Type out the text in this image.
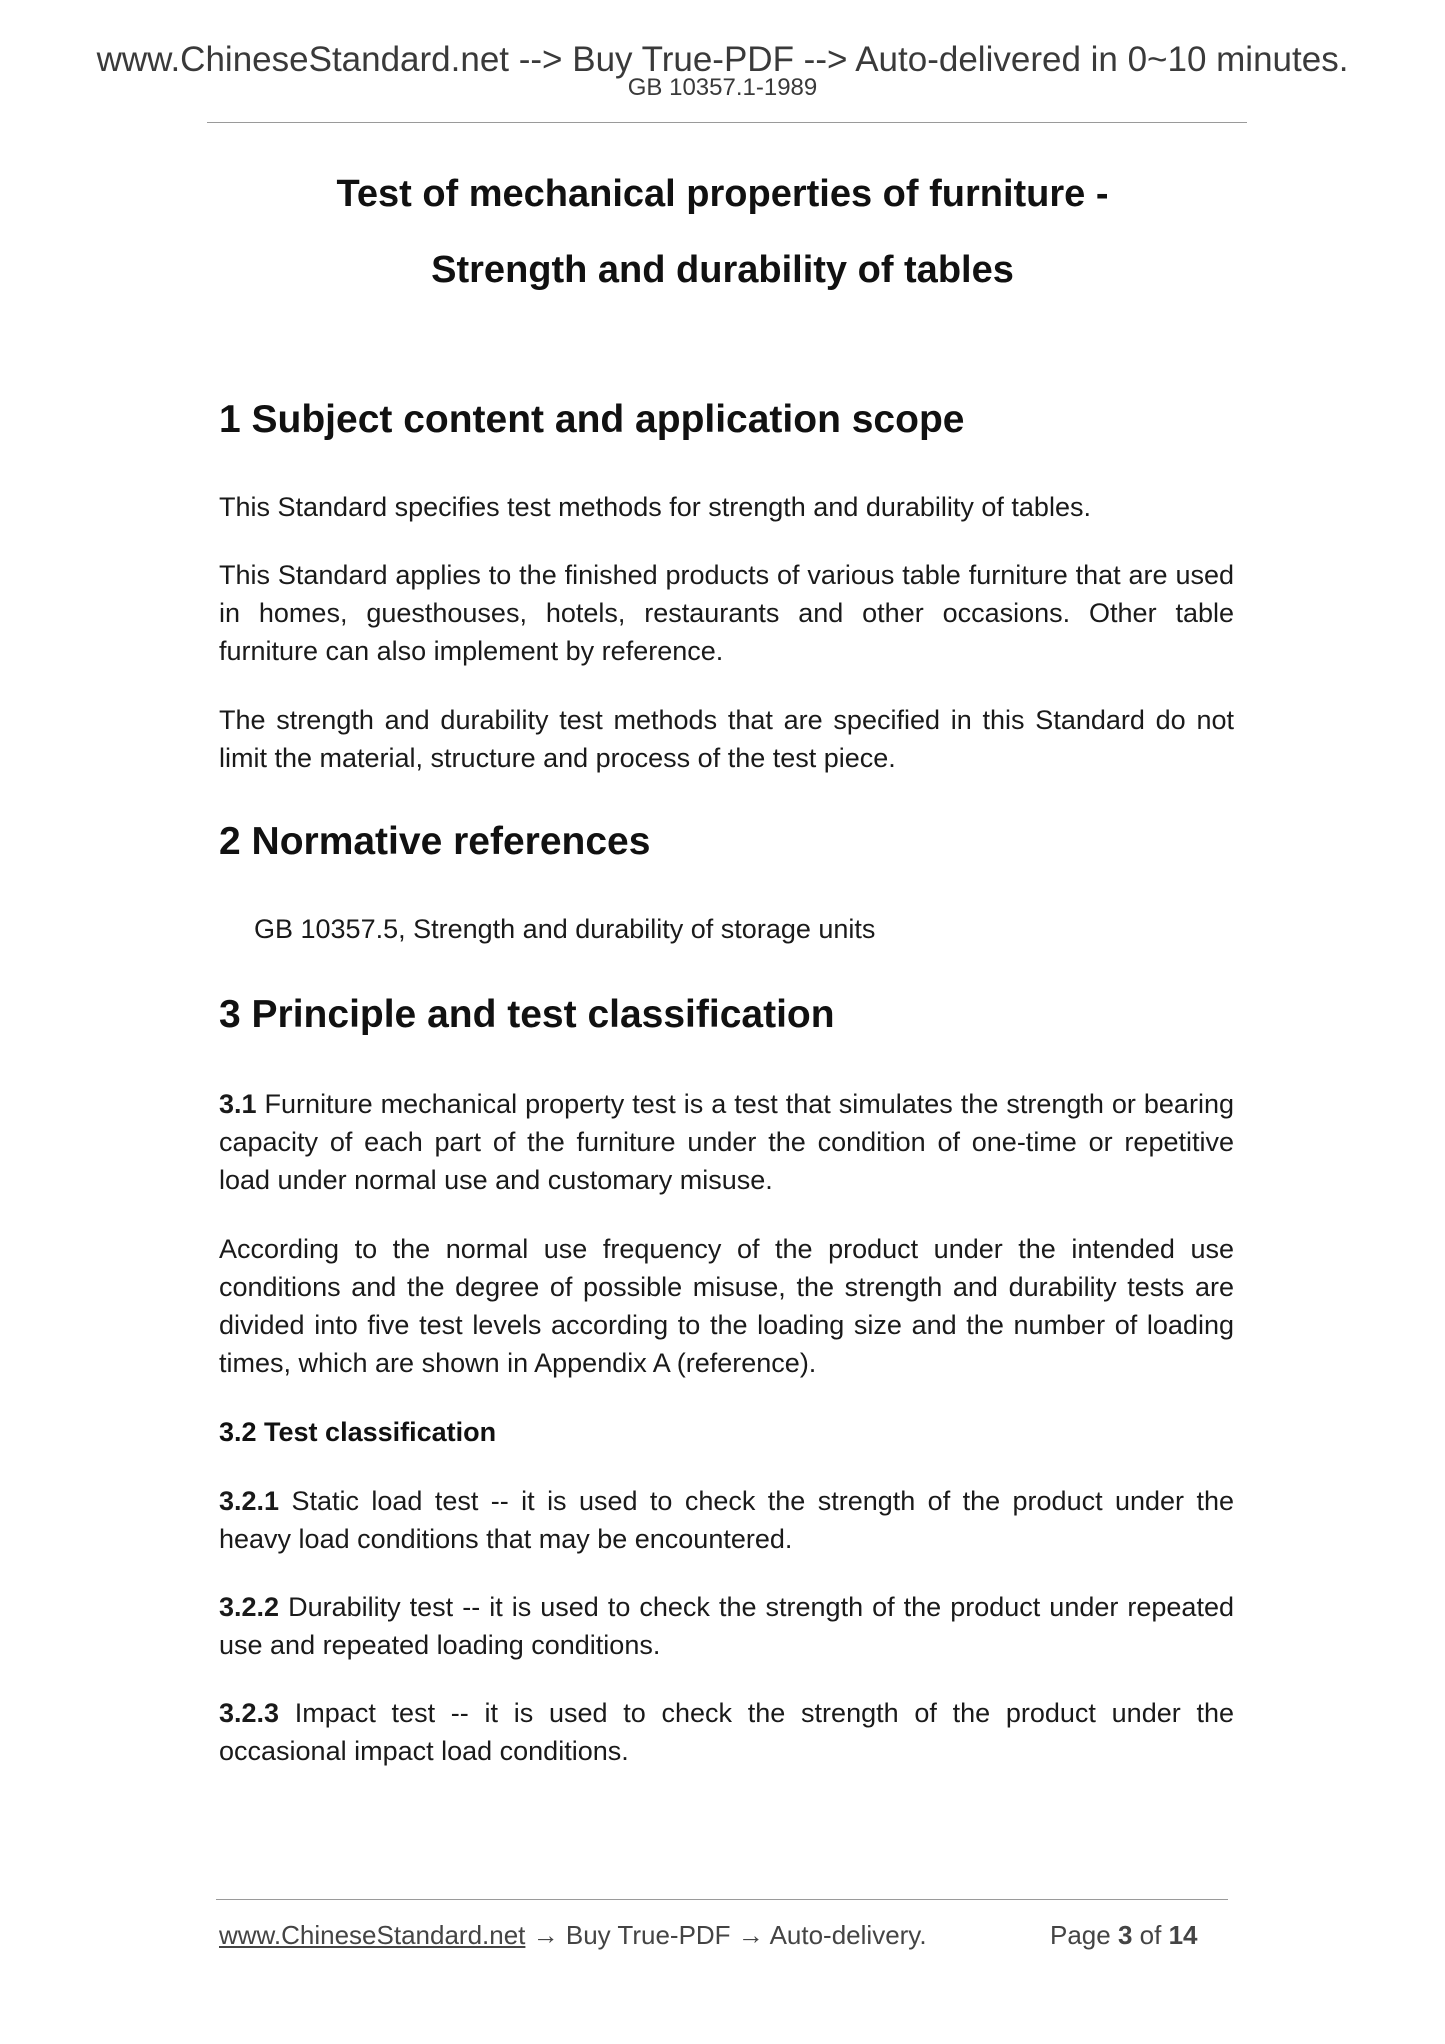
www.ChineseStandard.net --> Buy True-PDF --> Auto-delivered in 0~10 minutes.
GB 10357.1-1989
Test of mechanical properties of furniture -
Strength and durability of tables
1 Subject content and application scope
This Standard specifies test methods for strength and durability of tables.
This Standard applies to the finished products of various table furniture that are used in homes, guesthouses, hotels, restaurants and other occasions. Other table furniture can also implement by reference.
The strength and durability test methods that are specified in this Standard do not limit the material, structure and process of the test piece.
2 Normative references
GB 10357.5, Strength and durability of storage units
3 Principle and test classification
3.1 Furniture mechanical property test is a test that simulates the strength or bearing capacity of each part of the furniture under the condition of one-time or repetitive load under normal use and customary misuse.
According to the normal use frequency of the product under the intended use conditions and the degree of possible misuse, the strength and durability tests are divided into five test levels according to the loading size and the number of loading times, which are shown in Appendix A (reference).
3.2 Test classification
3.2.1 Static load test -- it is used to check the strength of the product under the heavy load conditions that may be encountered.
3.2.2 Durability test -- it is used to check the strength of the product under repeated use and repeated loading conditions.
3.2.3 Impact test -- it is used to check the strength of the product under the occasional impact load conditions.
www.ChineseStandard.net → Buy True-PDF → Auto-delivery.	Page 3 of 14
